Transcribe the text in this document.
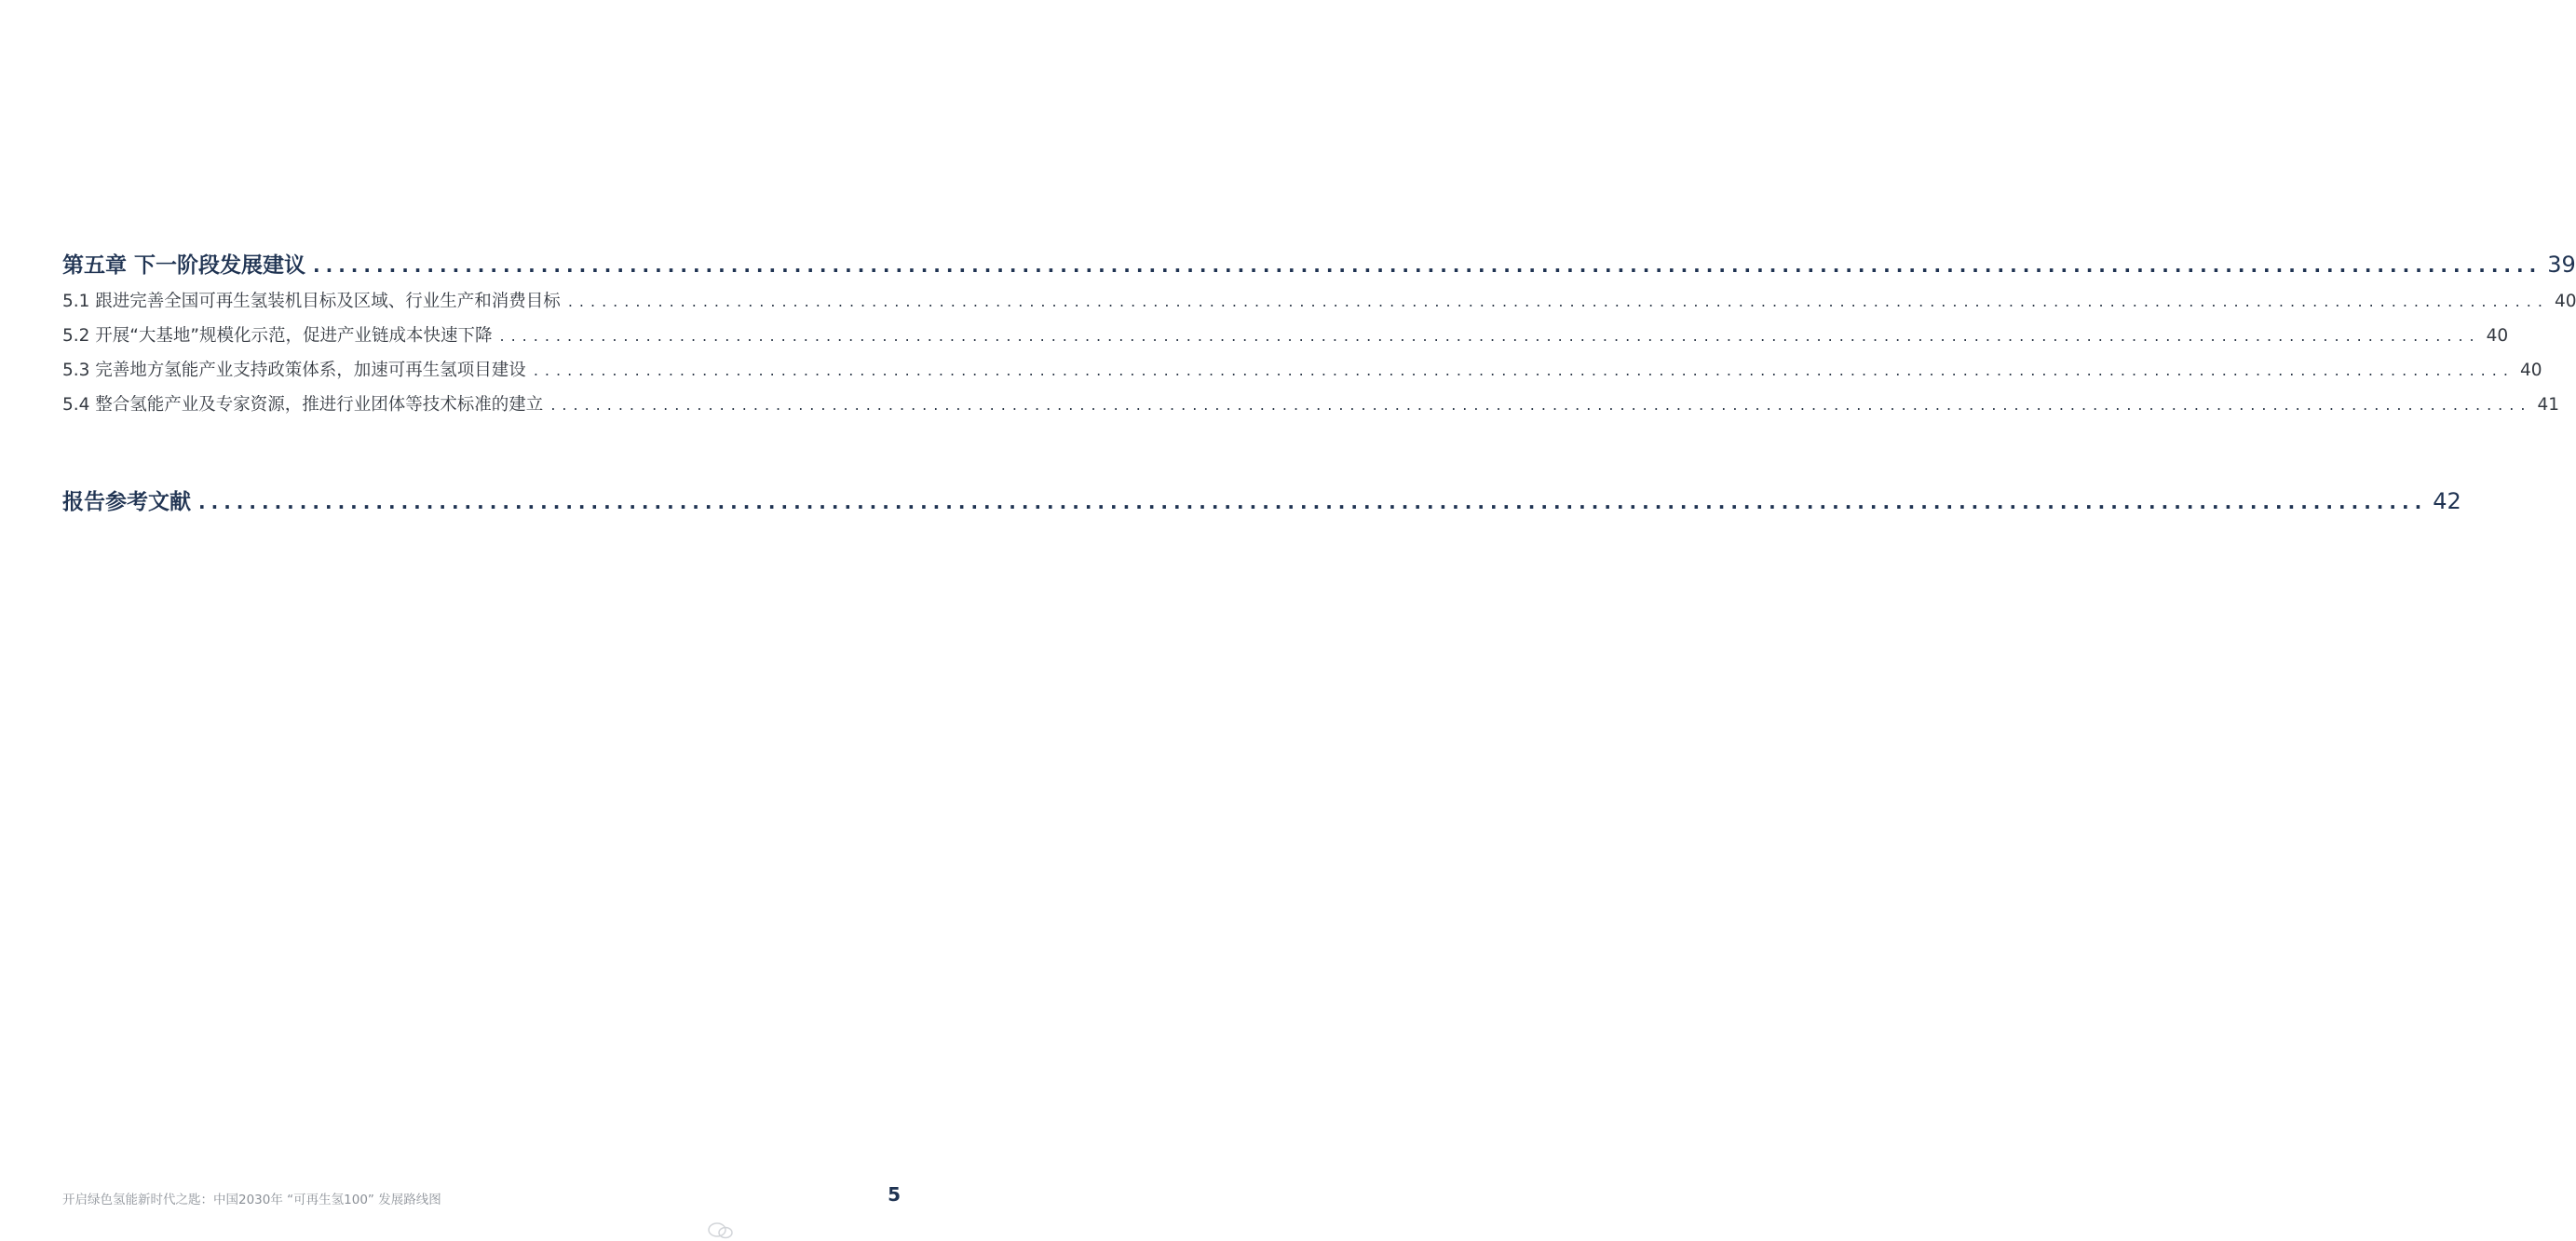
第五章 下一阶段发展建议 ................................................................................................................................................................................ 39
5.1 跟进完善全国可再生氢装机目标及区域、行业生产和消费目标 ................................................................................................................................................................................ 40
5.2 开展“大基地”规模化示范，促进产业链成本快速下降 ................................................................................................................................................................................ 40
5.3 完善地方氢能产业支持政策体系，加速可再生氢项目建设 ................................................................................................................................................................................ 40
5.4 整合氢能产业及专家资源，推进行业团体等技术标准的建立 ................................................................................................................................................................................ 41
报告参考文献 ................................................................................................................................................................................ 42
开启绿色氢能新时代之匙：中国2030年 “可再生氢100” 发展路线图	5
